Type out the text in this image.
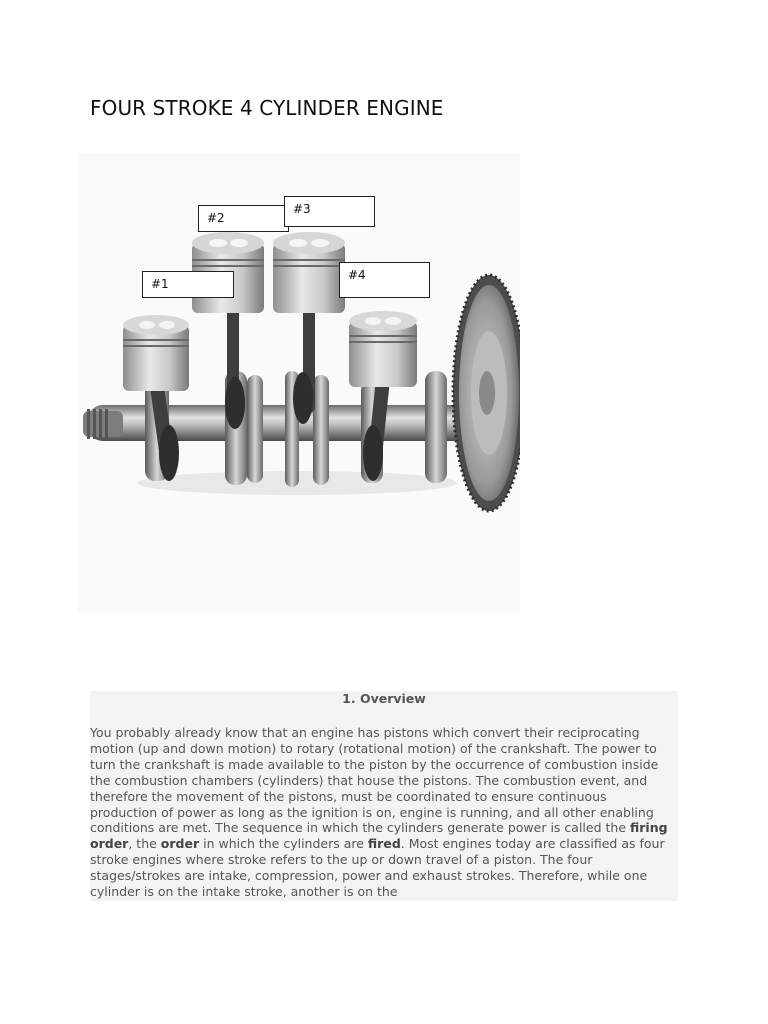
FOUR STROKE 4 CYLINDER ENGINE
#1
#2
#3
#4
1. Overview
You probably already know that an engine has pistons which convert their reciprocating motion (up and down motion) to rotary (rotational motion) of the crankshaft. The power to turn the crankshaft is made available to the piston by the occurrence of combustion inside the combustion chambers (cylinders) that house the pistons. The combustion event, and therefore the movement of the pistons, must be coordinated to ensure continuous production of power as long as the ignition is on, engine is running, and all other enabling conditions are met. The sequence in which the cylinders generate power is called the firing order, the order in which the cylinders are fired. Most engines today are classified as four stroke engines where stroke refers to the up or down travel of a piston. The four stages/strokes are intake, compression, power and exhaust strokes. Therefore, while one cylinder is on the intake stroke, another is on the
